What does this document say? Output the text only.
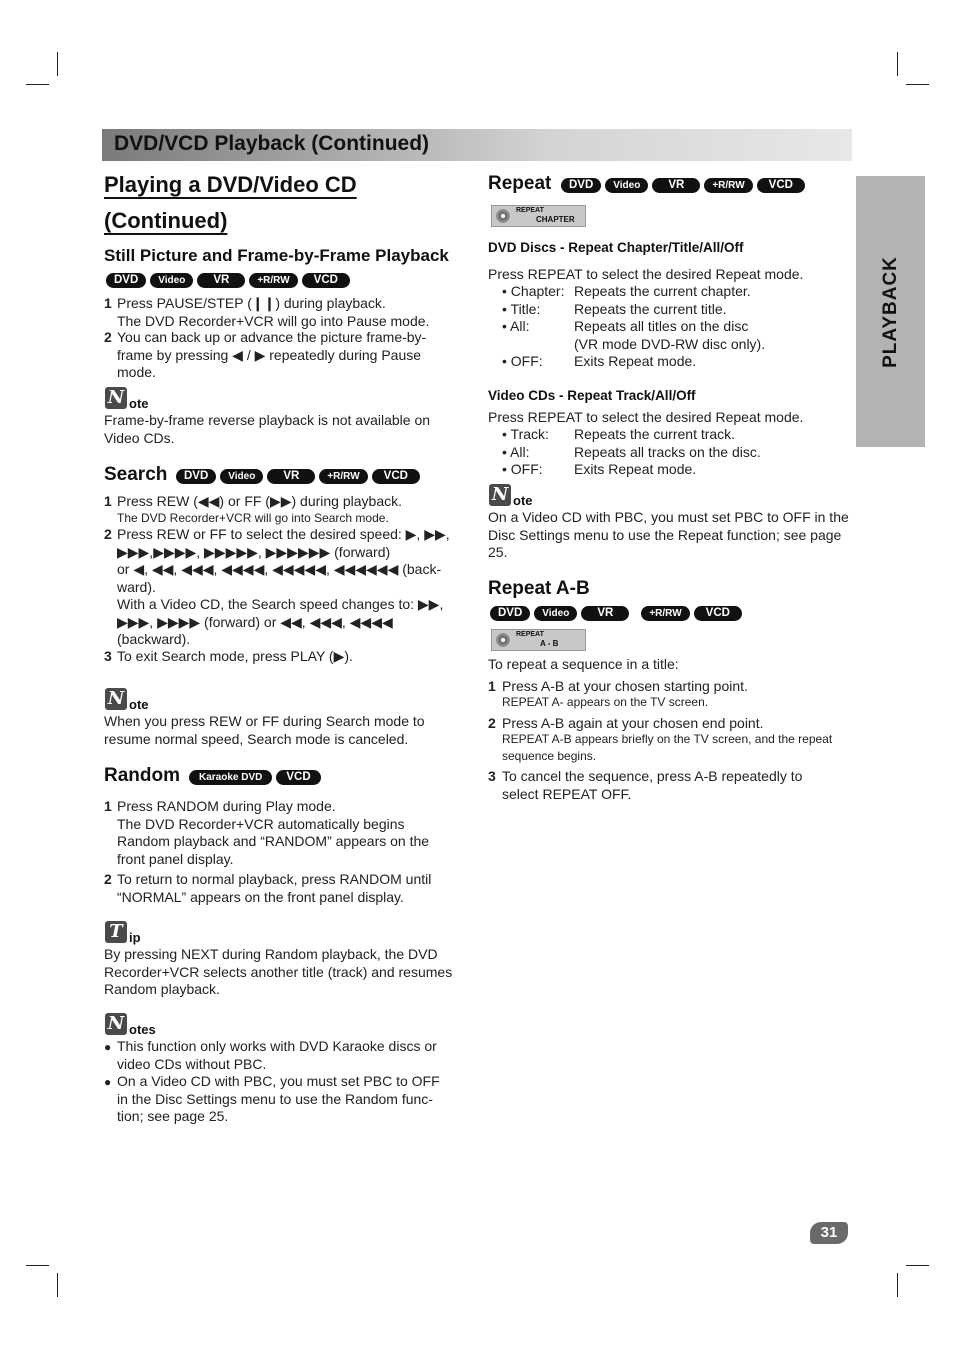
DVD/VCD Playback (Continued)
PLAYBACK
Playing a DVD/Video CD
(Continued)
Still Picture and Frame-by-Frame Playback
DVD	Video	VR	+R/RW	VCD
1 Press PAUSE/STEP (❙❙) during playback.
The DVD Recorder+VCR will go into Pause mode.
2 You can back up or advance the picture frame-by-
frame by pressing ◀ / ▶ repeatedly during Pause
mode.
N ote
Frame-by-frame reverse playback is not available on
Video CDs.
Search	DVD	Video	VR	+R/RW	VCD
1 Press REW (◀◀) or FF (▶▶) during playback.
The DVD Recorder+VCR will go into Search mode.
2 Press REW or FF to select the desired speed: ▶, ▶▶,
▶▶▶,▶▶▶▶, ▶▶▶▶▶, ▶▶▶▶▶▶ (forward)
or ◀, ◀◀, ◀◀◀, ◀◀◀◀, ◀◀◀◀◀, ◀◀◀◀◀◀ (back-
ward).
With a Video CD, the Search speed changes to: ▶▶,
▶▶▶, ▶▶▶▶ (forward) or ◀◀, ◀◀◀, ◀◀◀◀
(backward).
3 To exit Search mode, press PLAY (▶).
N ote
When you press REW or FF during Search mode to
resume normal speed, Search mode is canceled.
Random	Karaoke DVD	VCD
1 Press RANDOM during Play mode.
The DVD Recorder+VCR automatically begins
Random playback and “RANDOM” appears on the
front panel display.
2 To return to normal playback, press RANDOM until
“NORMAL” appears on the front panel display.
T ip
By pressing NEXT during Random playback, the DVD
Recorder+VCR selects another title (track) and resumes
Random playback.
N otes
● This function only works with DVD Karaoke discs or
video CDs without PBC.
● On a Video CD with PBC, you must set PBC to OFF
in the Disc Settings menu to use the Random func-
tion; see page 25.
Repeat	DVD	Video	VR	+R/RW	VCD
REPEAT
CHAPTER
DVD Discs - Repeat Chapter/Title/All/Off
Press REPEAT to select the desired Repeat mode.
• Chapter: Repeats the current chapter.
• Title: Repeats the current title.
• All:	Repeats all titles on the disc
(VR mode DVD-RW disc only).
• OFF: Exits Repeat mode.
Video CDs - Repeat Track/All/Off
Press REPEAT to select the desired Repeat mode.
• Track: Repeats the current track.
• All:	Repeats all tracks on the disc.
• OFF: Exits Repeat mode.
N ote
On a Video CD with PBC, you must set PBC to OFF in the
Disc Settings menu to use the Repeat function; see page
25.
Repeat A-B
DVD	Video	VR	+R/RW	VCD
REPEAT
A - B
To repeat a sequence in a title:
1 Press A-B at your chosen starting point.
REPEAT A- appears on the TV screen.
2 Press A-B again at your chosen end point.
REPEAT A-B appears briefly on the TV screen, and the repeat
sequence begins.
3 To cancel the sequence, press A-B repeatedly to
select REPEAT OFF.
31
